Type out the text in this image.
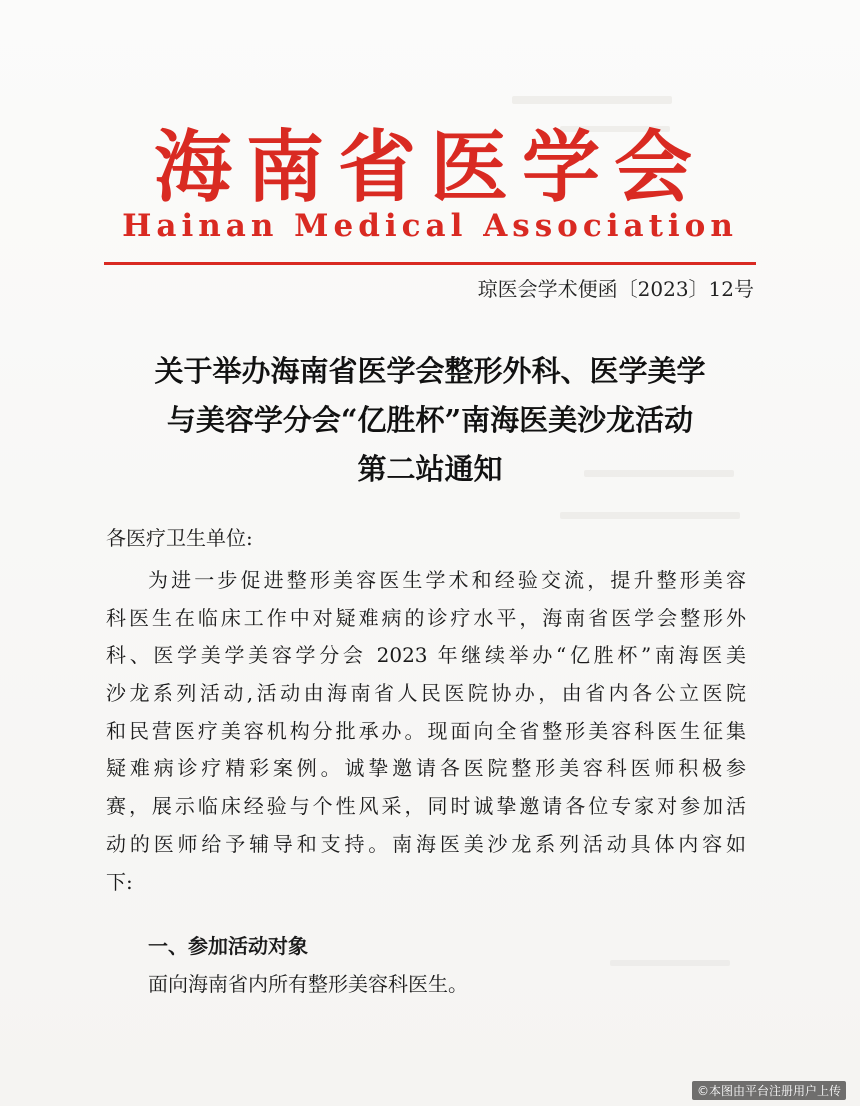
海南省医学会
Hainan Medical Association
琼医会学术便函〔2023〕12号
关于举办海南省医学会整形外科、医学美学
与美容学分会“亿胜杯”南海医美沙龙活动
第二站通知
各医疗卫生单位:
为进一步促进整形美容医生学术和经验交流，提升整形美容
科医生在临床工作中对疑难病的诊疗水平，海南省医学会整形外
科、医学美学美容学分会 2023 年继续举办“亿胜杯”南海医美
沙龙系列活动,活动由海南省人民医院协办，由省内各公立医院
和民营医疗美容机构分批承办。现面向全省整形美容科医生征集
疑难病诊疗精彩案例。诚挚邀请各医院整形美容科医师积极参
赛，展示临床经验与个性风采，同时诚挚邀请各位专家对参加活
动的医师给予辅导和支持。南海医美沙龙系列活动具体内容如
下:
一、参加活动对象
面向海南省内所有整形美容科医生。
©本图由平台注册用户上传
